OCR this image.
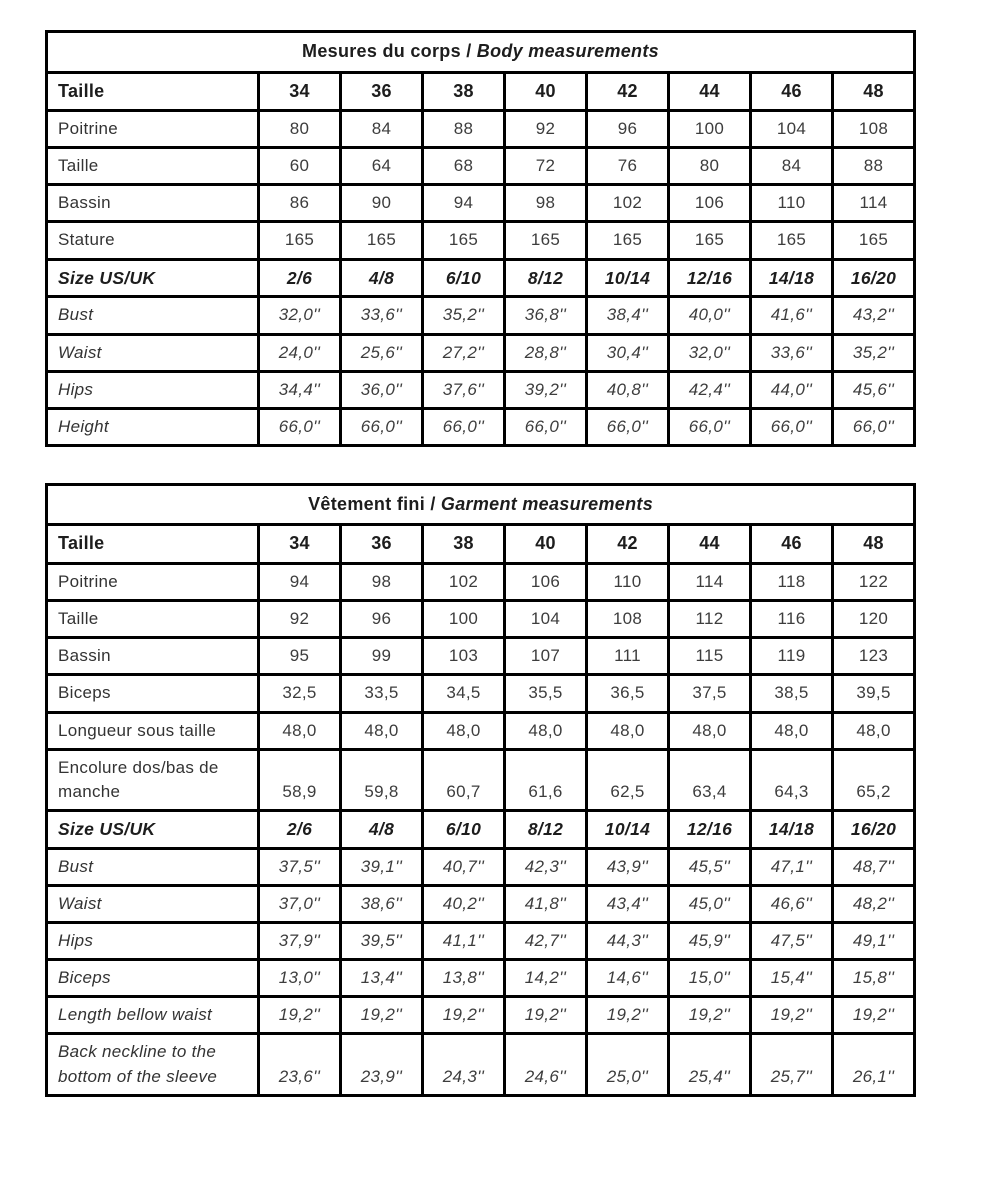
Mesures du corps / Body measurements								
Taille	34	36	38	40	42	44	46	48
Poitrine	80	84	88	92	96	100	104	108
Taille	60	64	68	72	76	80	84	88
Bassin	86	90	94	98	102	106	110	114
Stature	165	165	165	165	165	165	165	165
Size US/UK	2/6	4/8	6/10	8/12	10/14	12/16	14/18	16/20
Bust	32,0''	33,6''	35,2''	36,8''	38,4''	40,0''	41,6''	43,2''
Waist	24,0''	25,6''	27,2''	28,8''	30,4''	32,0''	33,6''	35,2''
Hips	34,4''	36,0''	37,6''	39,2''	40,8''	42,4''	44,0''	45,6''
Height	66,0''	66,0''	66,0''	66,0''	66,0''	66,0''	66,0''	66,0''
Vêtement fini / Garment measurements								
Taille	34	36	38	40	42	44	46	48
Poitrine	94	98	102	106	110	114	118	122
Taille	92	96	100	104	108	112	116	120
Bassin	95	99	103	107	111	115	119	123
Biceps	32,5	33,5	34,5	35,5	36,5	37,5	38,5	39,5
Longueur sous taille	48,0	48,0	48,0	48,0	48,0	48,0	48,0	48,0
Encolure dos/bas de manche	58,9	59,8	60,7	61,6	62,5	63,4	64,3	65,2
Size US/UK	2/6	4/8	6/10	8/12	10/14	12/16	14/18	16/20
Bust	37,5''	39,1''	40,7''	42,3''	43,9''	45,5''	47,1''	48,7''
Waist	37,0''	38,6''	40,2''	41,8''	43,4''	45,0''	46,6''	48,2''
Hips	37,9''	39,5''	41,1''	42,7''	44,3''	45,9''	47,5''	49,1''
Biceps	13,0''	13,4''	13,8''	14,2''	14,6''	15,0''	15,4''	15,8''
Length bellow waist	19,2''	19,2''	19,2''	19,2''	19,2''	19,2''	19,2''	19,2''
Back neckline to the bottom of the sleeve	23,6''	23,9''	24,3''	24,6''	25,0''	25,4''	25,7''	26,1''
